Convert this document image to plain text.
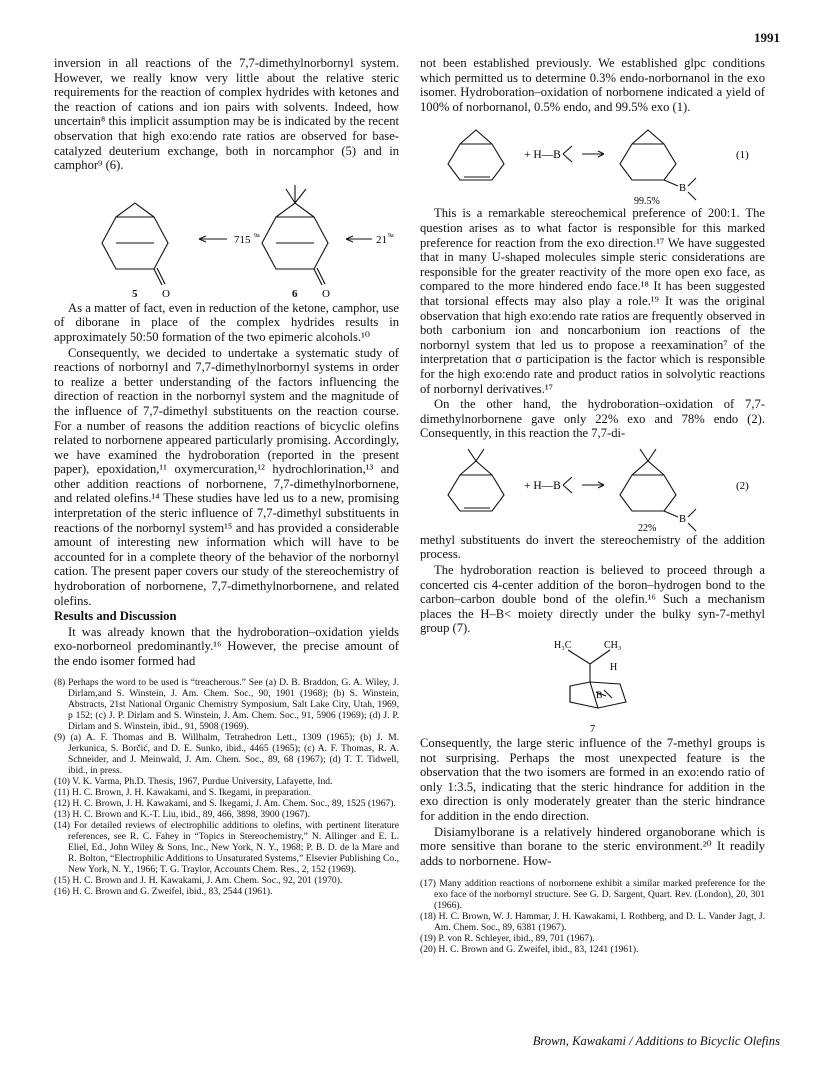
1991

inversion in all reactions of the 7,7-dimethylnorbornyl system. However, we really know very little about the relative steric requirements for the reaction of complex hydrides with ketones and the reaction of cations and ion pairs with solvents. Indeed, how uncertain⁸ this implicit assumption may be is indicated by the recent observation that high exo:endo rate ratios are observed for base-catalyzed deuterium exchange, both in norcamphor (5) and in camphor⁹ (6).

715 9a	21 9a
O	O
5	6

As a matter of fact, even in reduction of the ketone, camphor, use of diborane in place of the complex hydrides results in approximately 50:50 formation of the two epimeric alcohols.¹⁰

Consequently, we decided to undertake a systematic study of reactions of norbornyl and 7,7-dimethylnorbornyl systems in order to realize a better understanding of the factors influencing the direction of reaction in the norbornyl system and the magnitude of the influence of 7,7-dimethyl substituents on the reaction course. For a number of reasons the addition reactions of bicyclic olefins related to norbornene appeared particularly promising. Accordingly, we have examined the hydroboration (reported in the present paper), epoxidation,¹¹ oxymercuration,¹² hydrochlorination,¹³ and other addition reactions of norbornene, 7,7-dimethylnorbornene, and related olefins.¹⁴ These studies have led us to a new, promising interpretation of the steric influence of 7,7-dimethyl substituents in reactions of the norbornyl system¹⁵ and has provided a considerable amount of interesting new information which will have to be accounted for in a complete theory of the behavior of the norbornyl cation. The present paper covers our study of the stereochemistry of hydroboration of norbornene, 7,7-dimethylnorbornene, and related olefins.

Results and Discussion

It was already known that the hydroboration–oxidation yields exo-norborneol predominantly.¹⁶ However, the precise amount of the endo isomer formed had

(8) Perhaps the word to be used is “treacherous.” See (a) D. B. Braddon, G. A. Wiley, J. Dirlam,and S. Winstein, J. Am. Chem. Soc., 90, 1901 (1968); (b) S. Winstein, Abstracts, 21st National Organic Chemistry Symposium, Salt Lake City, Utah, 1969, p 152; (c) J. P. Dirlam and S. Winstein, J. Am. Chem. Soc., 91, 5906 (1969); (d) J. P. Dirlam and S. Winstein, ibid., 91, 5908 (1969).
(9) (a) A. F. Thomas and B. Willhalm, Tetrahedron Lett., 1309 (1965); (b) J. M. Jerkunica, S. Borčić, and D. E. Sunko, ibid., 4465 (1965); (c) A. F. Thomas, R. A. Schneider, and J. Meinwald, J. Am. Chem. Soc., 89, 68 (1967); (d) T. T. Tidwell, ibid., in press.
(10) V. K. Varma, Ph.D. Thesis, 1967, Purdue University, Lafayette, Ind.
(11) H. C. Brown, J. H. Kawakami, and S. Ikegami, in preparation.
(12) H. C. Brown, J. H. Kawakami, and S. Ikegami, J. Am. Chem. Soc., 89, 1525 (1967).
(13) H. C. Brown and K.-T. Liu, ibid., 89, 466, 3898, 3900 (1967).
(14) For detailed reviews of electrophilic additions to olefins, with pertinent literature references, see R. C. Fahey in “Topics in Stereochemistry,” N. Allinger and E. L. Eliel, Ed., John Wiley & Sons, Inc., New York, N. Y., 1968; P. B. D. de la Mare and R. Bolton, “Electrophilic Additions to Unsaturated Systems,” Elsevier Publishing Co., New York, N. Y., 1966; T. G. Traylor, Accounts Chem. Res., 2, 152 (1969).
(15) H. C. Brown and J. H. Kawakami, J. Am. Chem. Soc., 92, 201 (1970).
(16) H. C. Brown and G. Zweifel, ibid., 83, 2544 (1961).

not been established previously. We established glpc conditions which permitted us to determine 0.3% endo-norbornanol in the exo isomer. Hydroboration–oxidation of norbornene indicated a yield of 100% of norbornanol, 0.5% endo, and 99.5% exo (1).

+ H—B
B
(1)
99.5%

This is a remarkable stereochemical preference of 200:1. The question arises as to what factor is responsible for this marked preference for reaction from the exo direction.¹⁷ We have suggested that in many U-shaped molecules simple steric considerations are responsible for the greater reactivity of the more open exo face, as compared to the more hindered endo face.¹⁸ It has been suggested that torsional effects may also play a role.¹⁹ It was the original observation that high exo:endo rate ratios are frequently observed in both carbonium ion and noncarbonium ion reactions of the norbornyl system that led us to propose a reexamination⁷ of the interpretation that σ participation is the factor which is responsible for the high exo:endo rate and product ratios in solvolytic reactions of norbornyl derivatives.¹⁷

On the other hand, the hydroboration–oxidation of 7,7-dimethylnorbornene gave only 22% exo and 78% endo (2). Consequently, in this reaction the 7,7-di-

+ H—B
B
(2)
22%

methyl substituents do invert the stereochemistry of the addition process.

The hydroboration reaction is believed to proceed through a concerted cis 4-center addition of the boron–hydrogen bond to the carbon–carbon double bond of the olefin.¹⁶ Such a mechanism places the H–B< moiety directly under the bulky syn-7-methyl group (7).

H₃C	CH₃
H
B
7

Consequently, the large steric influence of the 7-methyl groups is not surprising. Perhaps the most unexpected feature is the observation that the two isomers are formed in an exo:endo ratio of only 1:3.5, indicating that the steric hindrance for addition in the exo direction is only moderately greater than the steric hindrance for addition in the endo direction.

Disiamylborane is a relatively hindered organoborane which is more sensitive than borane to the steric environment.²⁰ It readily adds to norbornene. How-

(17) Many addition reactions of norbornene exhibit a similar marked preference for the exo face of the norbornyl structure. See G. D. Sargent, Quart. Rev. (London), 20, 301 (1966).
(18) H. C. Brown, W. J. Hammar, J. H. Kawakami, I. Rothberg, and D. L. Vander Jagt, J. Am. Chem. Soc., 89, 6381 (1967).
(19) P. von R. Schleyer, ibid., 89, 701 (1967).
(20) H. C. Brown and G. Zweifel, ibid., 83, 1241 (1961).
Brown, Kawakami / Additions to Bicyclic Olefins
